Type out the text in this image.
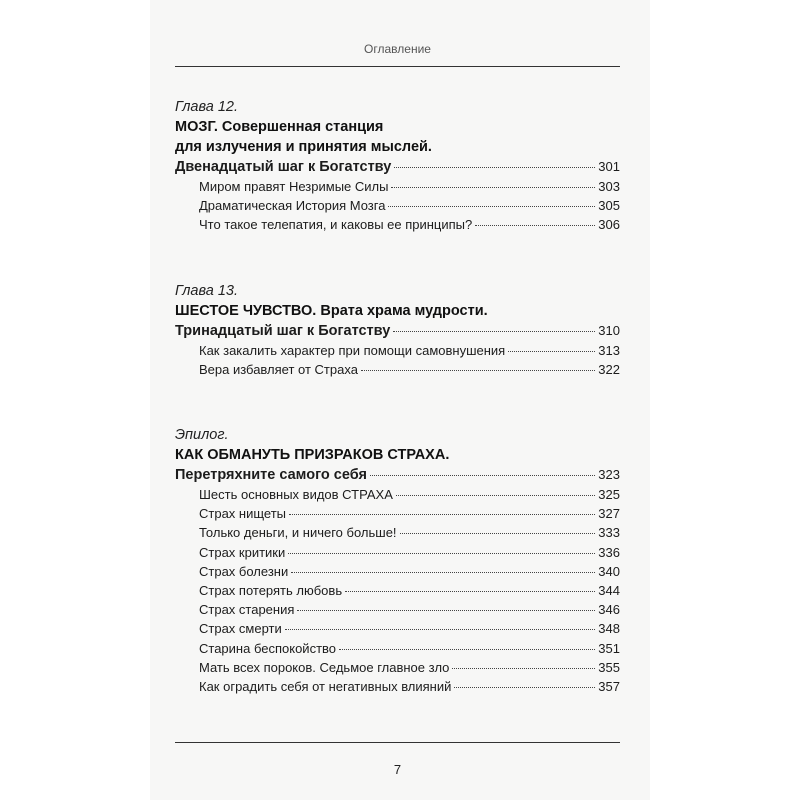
Оглавление
Глава 12.
МОЗГ. Совершенная станция
для излучения и принятия мыслей.
Двенадцатый шаг к Богатству	301
Миром правят Незримые Силы	303
Драматическая История Мозга	305
Что такое телепатия, и каковы ее принципы?	306
Глава 13.
ШЕСТОЕ ЧУВСТВО. Врата храма мудрости.
Тринадцатый шаг к Богатству	310
Как закалить характер при помощи самовнушения	313
Вера избавляет от Страха	322
Эпилог.
КАК ОБМАНУТЬ ПРИЗРАКОВ СТРАХА.
Перетряхните самого себя	323
Шесть основных видов СТРАХА	325
Страх нищеты	327
Только деньги, и ничего больше!	333
Страх критики	336
Страх болезни	340
Страх потерять любовь	344
Страх старения	346
Страх смерти	348
Старина беспокойство	351
Мать всех пороков. Седьмое главное зло	355
Как оградить себя от негативных влияний	357
7
